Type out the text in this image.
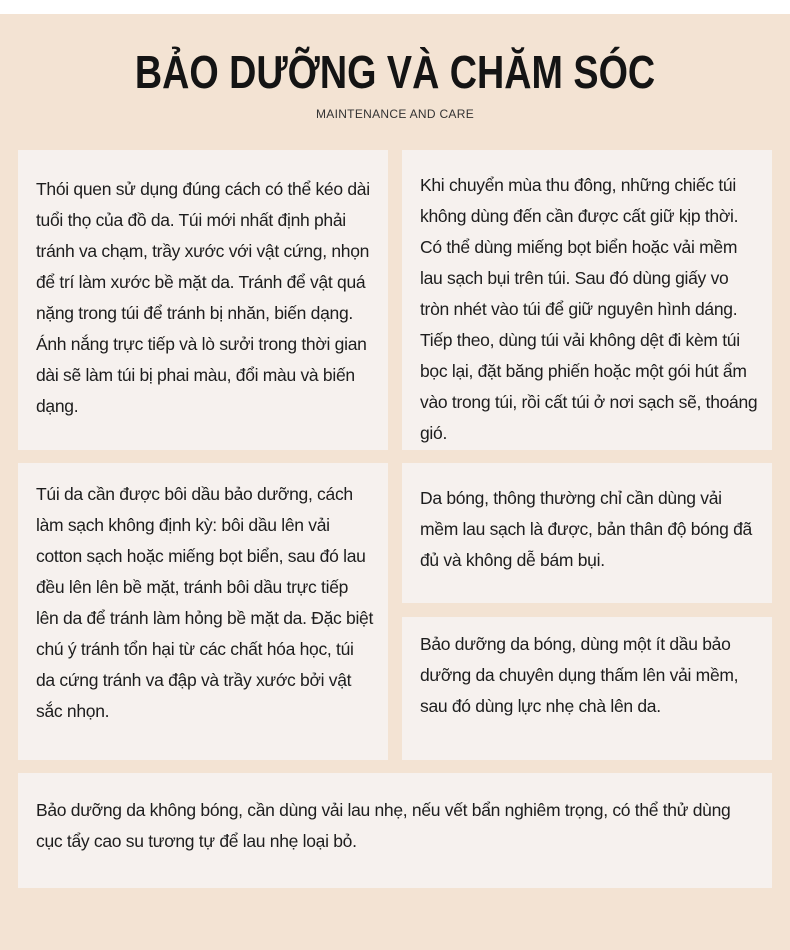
BẢO DƯỠNG VÀ CHĂM SÓC
MAINTENANCE AND CARE

Thói quen sử dụng đúng cách có thể kéo dài tuổi thọ của đồ da. Túi mới nhất định phải tránh va chạm, trầy xước với vật cứng, nhọn để trí làm xước bề mặt da. Tránh để vật quá nặng trong túi để tránh bị nhăn, biến dạng. Ánh nắng trực tiếp và lò sưởi trong thời gian dài sẽ làm túi bị phai màu, đổi màu và biến dạng.

Khi chuyển mùa thu đông, những chiếc túi không dùng đến cần được cất giữ kịp thời. Có thể dùng miếng bọt biển hoặc vải mềm lau sạch bụi trên túi. Sau đó dùng giấy vo tròn nhét vào túi để giữ nguyên hình dáng. Tiếp theo, dùng túi vải không dệt đi kèm túi bọc lại, đặt băng phiến hoặc một gói hút ẩm vào trong túi, rồi cất túi ở nơi sạch sẽ, thoáng gió.

Túi da cần được bôi dầu bảo dưỡng, cách làm sạch không định kỳ: bôi dầu lên vải cotton sạch hoặc miếng bọt biển, sau đó lau đều lên lên bề mặt, tránh bôi dầu trực tiếp lên da để tránh làm hỏng bề mặt da. Đặc biệt chú ý tránh tổn hại từ các chất hóa học, túi da cứng tránh va đập và trầy xước bởi vật sắc nhọn.

Da bóng, thông thường chỉ cần dùng vải mềm lau sạch là được, bản thân độ bóng đã đủ và không dễ bám bụi.

Bảo dưỡng da bóng, dùng một ít dầu bảo dưỡng da chuyên dụng thấm lên vải mềm, sau đó dùng lực nhẹ chà lên da.

Bảo dưỡng da không bóng, cần dùng vải lau nhẹ, nếu vết bẩn nghiêm trọng, có thể thử dùng cục tẩy cao su tương tự để lau nhẹ loại bỏ.
